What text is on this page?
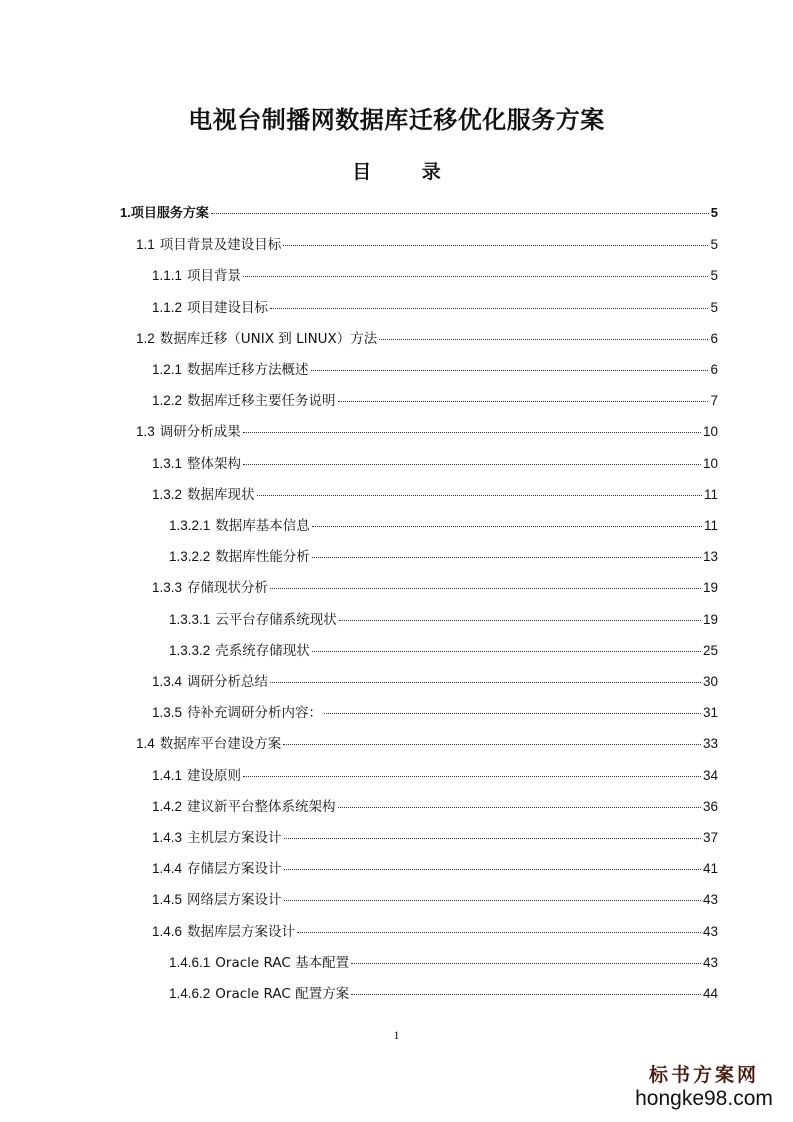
电视台制播网数据库迁移优化服务方案
目 录
1. 项目服务方案	5
1.1 项目背景及建设目标	5
1.1.1 项目背景	5
1.1.2 项目建设目标	5
1.2 数据库迁移（UNIX 到 LINUX）方法	6
1.2.1 数据库迁移方法概述	6
1.2.2 数据库迁移主要任务说明	7
1.3 调研分析成果	10
1.3.1 整体架构	10
1.3.2 数据库现状	11
1.3.2.1 数据库基本信息	11
1.3.2.2 数据库性能分析	13
1.3.3 存储现状分析	19
1.3.3.1 云平台存储系统现状	19
1.3.3.2 壳系统存储现状	25
1.3.4 调研分析总结	30
1.3.5 待补充调研分析内容：	31
1.4 数据库平台建设方案	33
1.4.1 建设原则	34
1.4.2 建议新平台整体系统架构	36
1.4.3 主机层方案设计	37
1.4.4 存储层方案设计	41
1.4.5 网络层方案设计	43
1.4.6 数据库层方案设计	43
1.4.6.1 Oracle RAC 基本配置	43
1.4.6.2 Oracle RAC 配置方案	44
1
标书方案网
hongke98.com
